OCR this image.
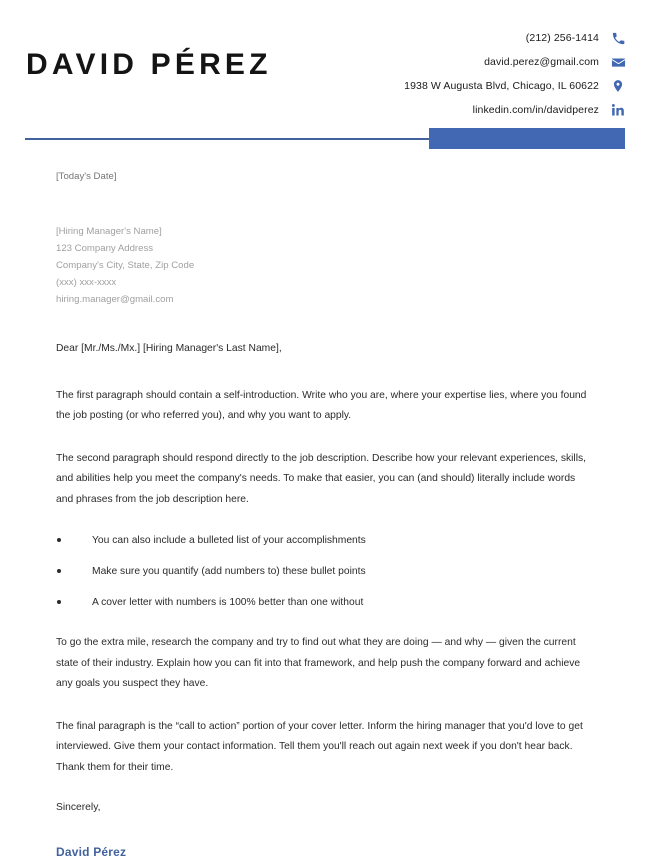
DAVID PÉREZ
(212) 256-1414
david.perez@gmail.com
1938 W Augusta Blvd, Chicago, IL 60622
linkedin.com/in/davidperez

[Today's Date]

[Hiring Manager's Name]

123 Company Address

Company's City, State, Zip Code

(xxx) xxx-xxxx

hiring.manager@gmail.com

Dear [Mr./Ms./Mx.] [Hiring Manager's Last Name],

The first paragraph should contain a self-introduction. Write who you are, where your expertise lies, where you found the job posting (or who referred you), and why you want to apply.

The second paragraph should respond directly to the job description. Describe how your relevant experiences, skills, and abilities help you meet the company's needs. To make that easier, you can (and should) literally include words and phrases from the job description here.

You can also include a bulleted list of your accomplishments
Make sure you quantify (add numbers to) these bullet points
A cover letter with numbers is 100% better than one without

To go the extra mile, research the company and try to find out what they are doing — and why — given the current state of their industry. Explain how you can fit into that framework, and help push the company forward and achieve any goals you suspect they have.

The final paragraph is the “call to action” portion of your cover letter. Inform the hiring manager that you'd love to get interviewed. Give them your contact information. Tell them you'll reach out again next week if you don't hear back. Thank them for their time.

Sincerely,

David Pérez
